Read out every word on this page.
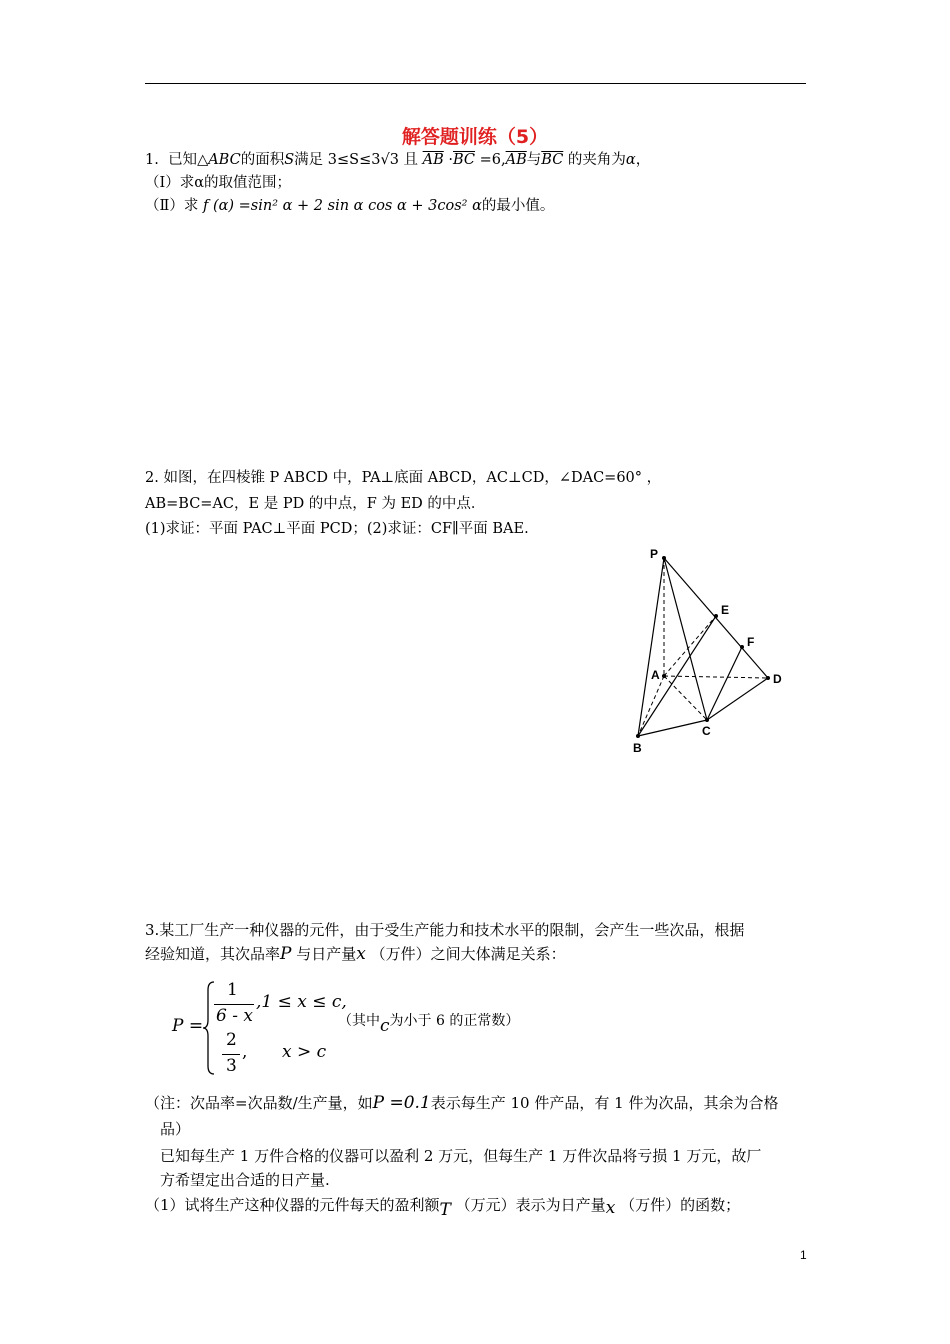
解答题训练（5）
1. 已知△ABC的面积S满足 3≤S≤3√3 且 $\overline{AB} \cdot\overline{BC} =6,\overline{AB}$与$\overline{BC}$ 的夹角为α，
（Ⅰ）求α的取值范围；
（Ⅱ）求 f (α) =sin² α + 2 sin α cos α + 3cos² α的最小值。
2. 如图，在四棱锥 P ABCD 中，PA⊥底面 ABCD，AC⊥CD，∠DAC=60° ，
AB=BC=AC，E 是 PD 的中点，F 为 ED 的中点．
(1)求证：平面 PAC⊥平面 PCD；(2)求证：CF∥平面 BAE.
P
E
F
A	D
B
C
3.某工厂生产一种仪器的元件，由于受生产能力和技术水平的限制，会产生一些次品，根据
经验知道，其次品率P 与日产量x （万件）之间大体满足关系：
P =
1
6 - x
,1 ≤ x ≤ c,
2
3
, x > c
（其中c为小于 6 的正常数）
（注：次品率=次品数/生产量，如P =0.1表示每生产 10 件产品，有 1 件为次品，其余为合格
品）
已知每生产 1 万件合格的仪器可以盈利 2 万元，但每生产 1 万件次品将亏损 1 万元，故厂
方希望定出合适的日产量.
（1）试将生产这种仪器的元件每天的盈利额T （万元）表示为日产量x （万件）的函数；
1
